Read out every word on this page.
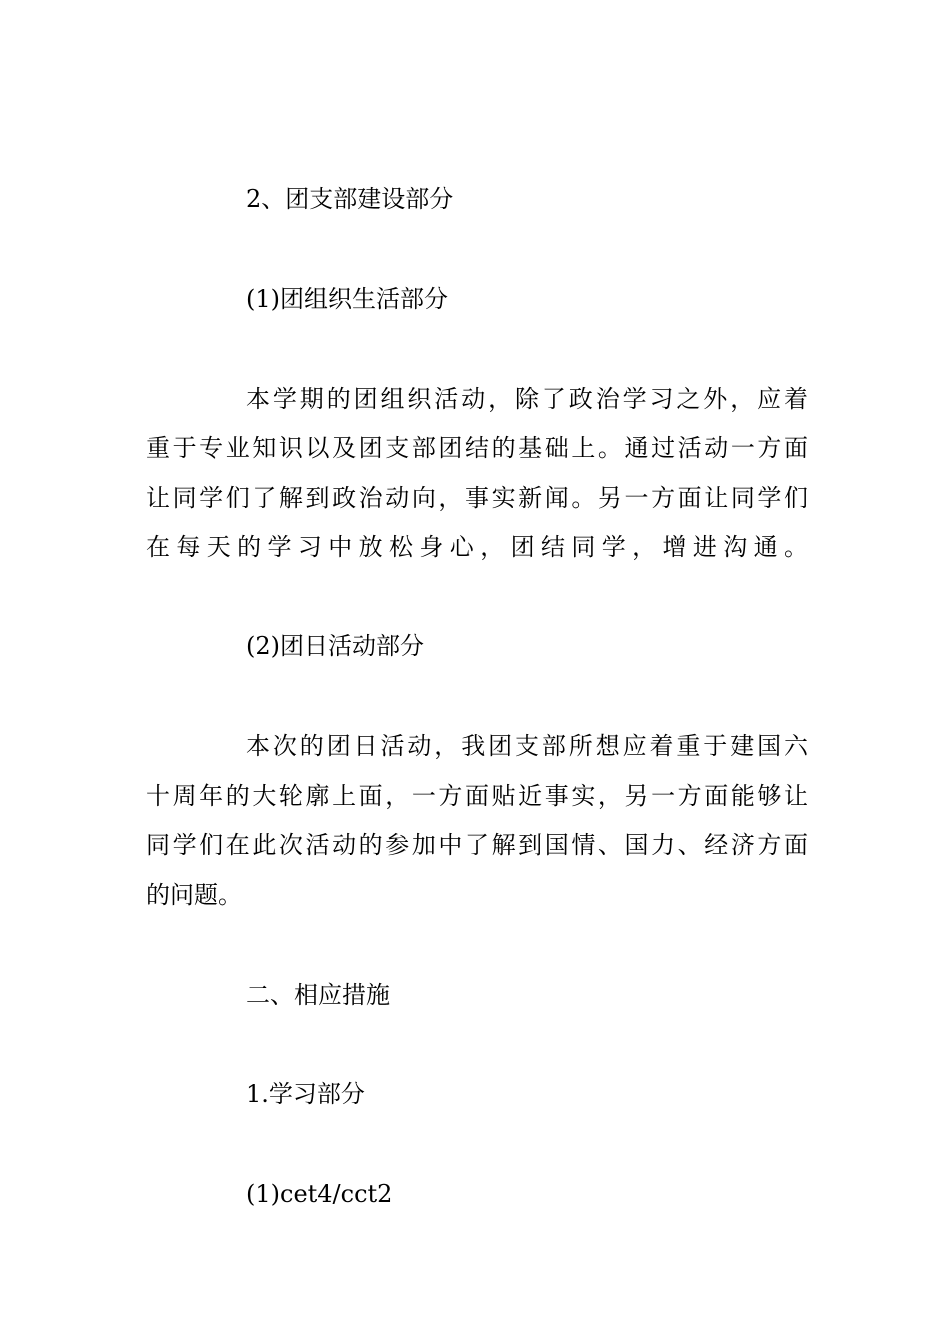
2、团支部建设部分
(1)团组织生活部分
本学期的团组织活动，除了政治学习之外，应着
重于专业知识以及团支部团结的基础上。通过活动一方面
让同学们了解到政治动向，事实新闻。另一方面让同学们
在每天的学习中放松身心，团结同学，增进沟通。
(2)团日活动部分
本次的团日活动，我团支部所想应着重于建国六
十周年的大轮廓上面，一方面贴近事实，另一方面能够让
同学们在此次活动的参加中了解到国情、国力、经济方面
的问题。
二、相应措施
1.学习部分
(1)cet4/cct2
